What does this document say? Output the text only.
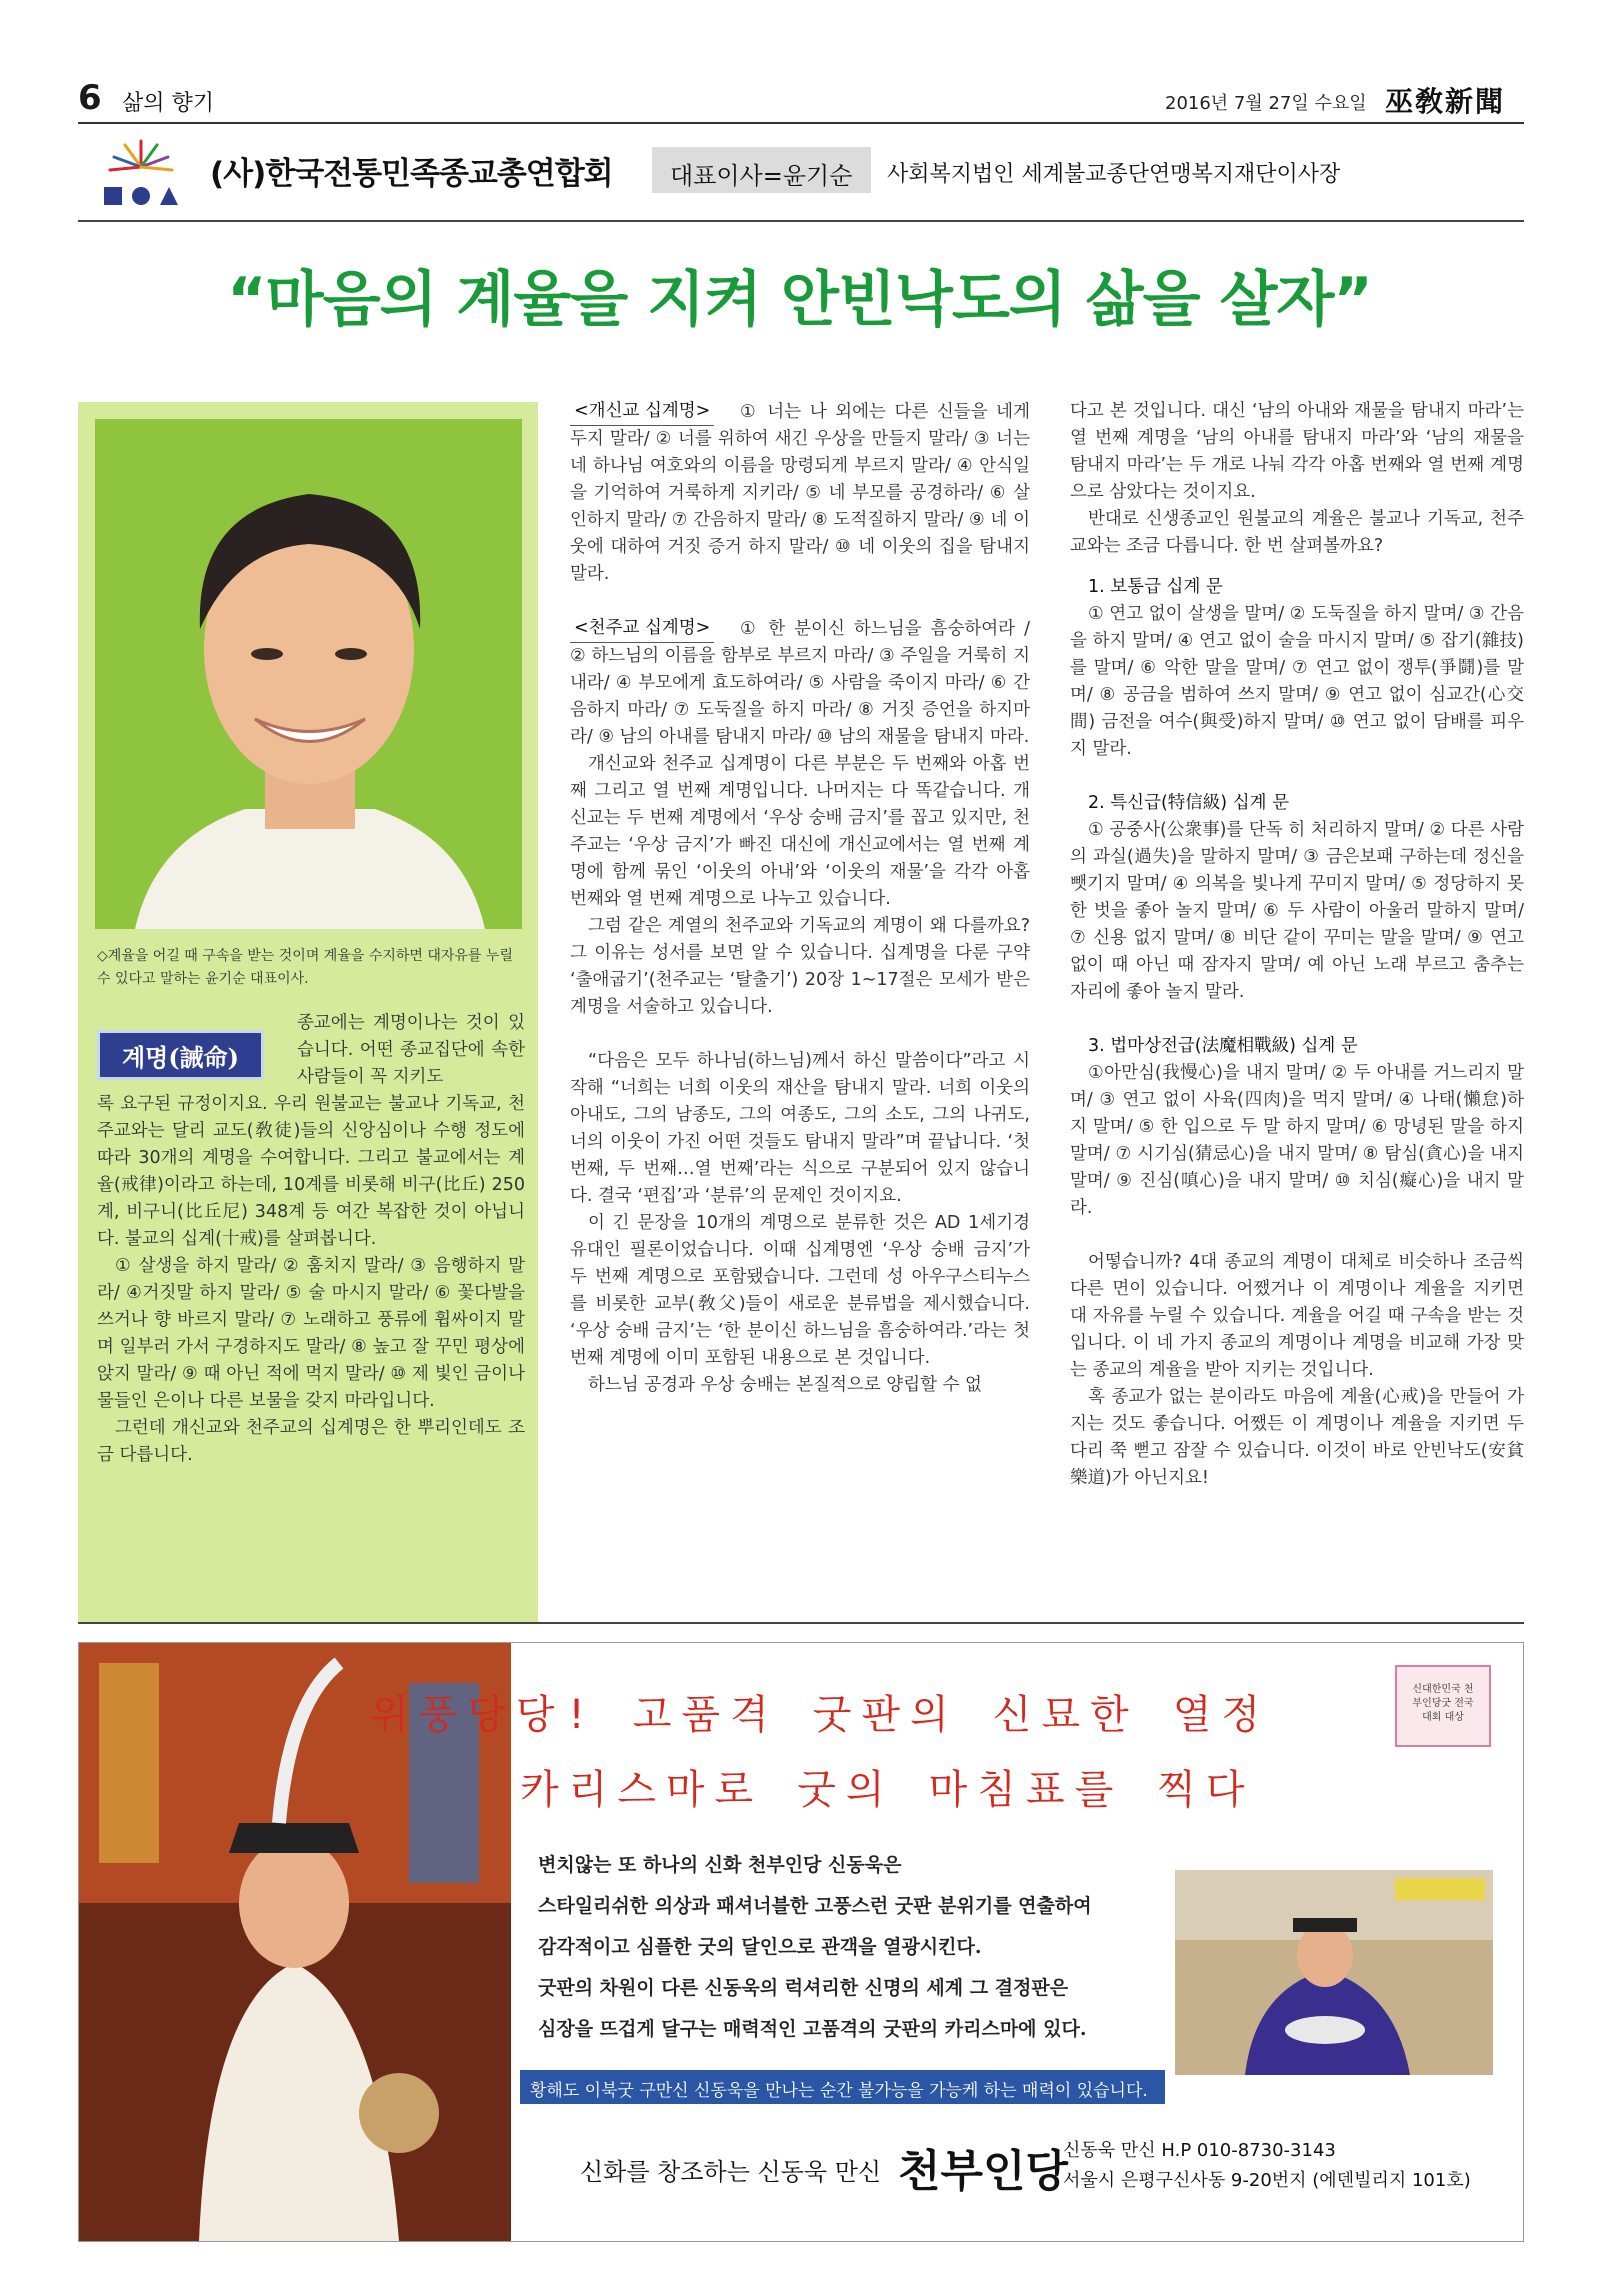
6 삶의 향기	2016년 7월 27일 수요일 巫敎新聞
(사)한국전통민족종교총연합회 대표이사=윤기순 사회복지법인 세계불교종단연맹복지재단이사장
“마음의 계율을 지켜 안빈낙도의 삶을 살자”
◇계율을 어길 때 구속을 받는 것이며 계율을 수지하면 대자유를 누릴 수 있다고 말하는 윤기순 대표이사.
계명(誡命)

종교에는 계명이나는 것이 있습니다. 어떤 종교집단에 속한 사람들이 꼭 지키도

록 요구된 규정이지요. 우리 원불교는 불교나 기독교, 천주교와는 달리 교도(敎徒)들의 신앙심이나 수행 정도에 따라 30개의 계명을 수여합니다. 그리고 불교에서는 계율(戒律)이라고 하는데, 10계를 비롯해 비구(比丘) 250계, 비구니(比丘尼) 348계 등 여간 복잡한 것이 아닙니다. 불교의 십계(十戒)를 살펴봅니다.

① 살생을 하지 말라/ ② 훔치지 말라/ ③ 음행하지 말라/ ④거짓말 하지 말라/ ⑤ 술 마시지 말라/ ⑥ 꽃다발을 쓰거나 향 바르지 말라/ ⑦ 노래하고 풍류에 휩싸이지 말며 일부러 가서 구경하지도 말라/ ⑧ 높고 잘 꾸민 평상에 앉지 말라/ ⑨ 때 아닌 적에 먹지 말라/ ⑩ 제 빛인 금이나 물들인 은이나 다른 보물을 갖지 마라입니다.

그런데 개신교와 천주교의 십계명은 한 뿌리인데도 조금 다릅니다.

<개신교 십계명>	① 너는 나 외에는 다른 신들을 네게 두지 말라/ ② 너를 위하여 새긴 우상을 만들지 말라/ ③ 너는 네 하나님 여호와의 이름을 망령되게 부르지 말라/ ④ 안식일을 기억하여 거룩하게 지키라/ ⑤ 네 부모를 공경하라/ ⑥ 살인하지 말라/ ⑦ 간음하지 말라/ ⑧ 도적질하지 말라/ ⑨ 네 이웃에 대하여 거짓 증거 하지 말라/ ⑩ 네 이웃의 집을 탐내지 말라.

<천주교 십계명>	① 한 분이신 하느님을 흠숭하여라 / ② 하느님의 이름을 함부로 부르지 마라/ ③ 주일을 거룩히 지내라/ ④ 부모에게 효도하여라/ ⑤ 사람을 죽이지 마라/ ⑥ 간음하지 마라/ ⑦ 도둑질을 하지 마라/ ⑧ 거짓 증언을 하지마라/ ⑨ 남의 아내를 탐내지 마라/ ⑩ 남의 재물을 탐내지 마라.

개신교와 천주교 십계명이 다른 부분은 두 번째와 아홉 번째 그리고 열 번째 계명입니다. 나머지는 다 똑같습니다. 개신교는 두 번째 계명에서 ‘우상 숭배 금지’를 꼽고 있지만, 천주교는 ‘우상 금지’가 빠진 대신에 개신교에서는 열 번째 계명에 함께 묶인 ‘이웃의 아내’와 ‘이웃의 재물’을 각각 아홉 번째와 열 번째 계명으로 나누고 있습니다.

그럼 같은 계열의 천주교와 기독교의 계명이 왜 다를까요? 그 이유는 성서를 보면 알 수 있습니다. 십계명을 다룬 구약 ‘출애굽기’(천주교는 ‘탈출기’) 20장 1~17절은 모세가 받은 계명을 서술하고 있습니다.

“다음은 모두 하나님(하느님)께서 하신 말씀이다”라고 시작해 “너희는 너희 이웃의 재산을 탐내지 말라. 너희 이웃의 아내도, 그의 남종도, 그의 여종도, 그의 소도, 그의 나귀도, 너의 이웃이 가진 어떤 것들도 탐내지 말라”며 끝납니다. ‘첫 번째, 두 번째…열 번째’라는 식으로 구분되어 있지 않습니다. 결국 ‘편집’과 ‘분류’의 문제인 것이지요.

이 긴 문장을 10개의 계명으로 분류한 것은 AD 1세기경 유대인 필론이었습니다. 이때 십계명엔 ‘우상 숭배 금지’가 두 번째 계명으로 포함됐습니다. 그런데 성 아우구스티누스를 비롯한 교부(敎父)들이 새로운 분류법을 제시했습니다. ‘우상 숭배 금지’는 ‘한 분이신 하느님을 흠숭하여라.’라는 첫 번째 계명에 이미 포함된 내용으로 본 것입니다.

하느님 공경과 우상 숭배는 본질적으로 양립할 수 없

다고 본 것입니다. 대신 ‘남의 아내와 재물을 탐내지 마라’는 열 번째 계명을 ‘남의 아내를 탐내지 마라’와 ‘남의 재물을 탐내지 마라’는 두 개로 나눠 각각 아홉 번째와 열 번째 계명으로 삼았다는 것이지요.

반대로 신생종교인 원불교의 계율은 불교나 기독교, 천주교와는 조금 다릅니다. 한 번 살펴볼까요?

1. 보통급 십계 문

① 연고 없이 살생을 말며/ ② 도둑질을 하지 말며/ ③ 간음을 하지 말며/ ④ 연고 없이 술을 마시지 말며/ ⑤ 잡기(雜技)를 말며/ ⑥ 악한 말을 말며/ ⑦ 연고 없이 쟁투(爭鬪)를 말며/ ⑧ 공금을 범하여 쓰지 말며/ ⑨ 연고 없이 심교간(心交間) 금전을 여수(與受)하지 말며/ ⑩ 연고 없이 담배를 피우지 말라.

2. 특신급(特信級) 십계 문

① 공중사(公衆事)를 단독 히 처리하지 말며/ ② 다른 사람의 과실(過失)을 말하지 말며/ ③ 금은보패 구하는데 정신을 뺏기지 말며/ ④ 의복을 빛나게 꾸미지 말며/ ⑤ 정당하지 못한 벗을 좋아 놀지 말며/ ⑥ 두 사람이 아울러 말하지 말며/ ⑦ 신용 없지 말며/ ⑧ 비단 같이 꾸미는 말을 말며/ ⑨ 연고 없이 때 아닌 때 잠자지 말며/ 예 아닌 노래 부르고 춤추는 자리에 좋아 놀지 말라.

3. 법마상전급(法魔相戰級) 십계 문

①아만심(我慢心)을 내지 말며/ ② 두 아내를 거느리지 말며/ ③ 연고 없이 사육(四肉)을 먹지 말며/ ④ 나태(懶怠)하지 말며/ ⑤ 한 입으로 두 말 하지 말며/ ⑥ 망녕된 말을 하지 말며/ ⑦ 시기심(猜忌心)을 내지 말며/ ⑧ 탐심(貪心)을 내지 말며/ ⑨ 진심(嗔心)을 내지 말며/ ⑩ 치심(癡心)을 내지 말라.

어떻습니까? 4대 종교의 계명이 대체로 비슷하나 조금씩 다른 면이 있습니다. 어쨌거나 이 계명이나 계율을 지키면 대 자유를 누릴 수 있습니다. 계율을 어길 때 구속을 받는 것입니다. 이 네 가지 종교의 계명이나 계명을 비교해 가장 맞는 종교의 계율을 받아 지키는 것입니다.

혹 종교가 없는 분이라도 마음에 계율(心戒)을 만들어 가지는 것도 좋습니다. 어쨌든 이 계명이나 계율을 지키면 두 다리 쭉 뻗고 잠잘 수 있습니다. 이것이 바로 안빈낙도(安貧樂道)가 아닌지요!

위풍당당! 고품격 굿판의 신묘한 열정
카리스마로 굿의 마침표를 찍다
변치않는 또 하나의 신화 천부인당 신동욱은
스타일리쉬한 의상과 패셔너블한 고풍스런 굿판 분위기를 연출하여
감각적이고 심플한 굿의 달인으로 관객을 열광시킨다.
굿판의 차원이 다른 신동욱의 럭셔리한 신명의 세계 그 결정판은
심장을 뜨겁게 달구는 매력적인 고품격의 굿판의 카리스마에 있다.
황해도 이북굿 구만신 신동욱을 만나는 순간 불가능을 가능케 하는 매력이 있습니다.
신화를 창조하는 신동욱 만신 천부인당
신동욱 만신 H.P 010-8730-3143
서울시 은평구신사동 9-20번지 (에덴빌리지 101호)
신대한민국 천부인당굿 전국대회 대상
